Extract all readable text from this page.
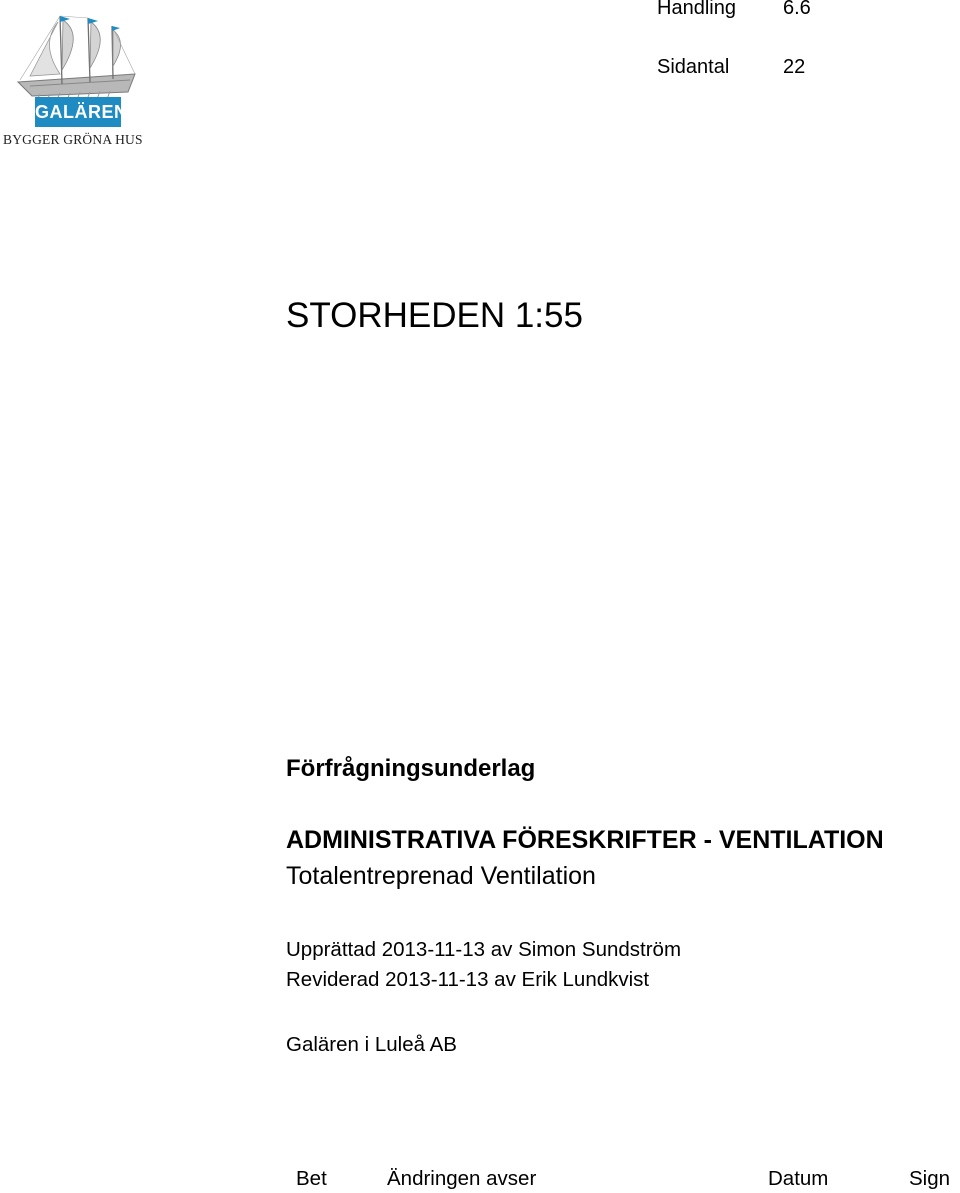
GALÄREN
BYGGER GRÖNA HUS
Handling 6.6
Sidantal	22
STORHEDEN 1:55
Förfrågningsunderlag
ADMINISTRATIVA FÖRESKRIFTER - VENTILATION
Totalentreprenad Ventilation
Upprättad 2013-11-13 av Simon Sundström
Reviderad 2013-11-13 av Erik Lundkvist
Galären i Luleå AB
Bet	Ändringen avser	Datum	Sign
